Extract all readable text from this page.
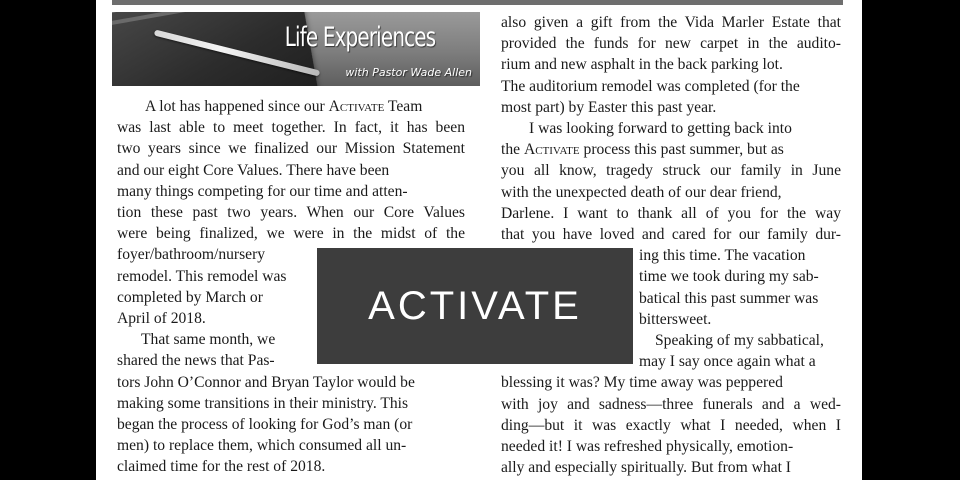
Life Experiences
with Pastor Wade Allen
A lot has happened since our Activate Team
was last able to meet together. In fact, it has been
two years since we finalized our Mission Statement
and our eight Core Values. There have been
many things competing for our time and atten-
tion these past two years. When our Core Values
were being finalized, we were in the midst of the
foyer/bathroom/nursery
remodel. This remodel was
completed by March or
April of 2018.
That same month, we
shared the news that Pas-
tors John O’Connor and Bryan Taylor would be
making some transitions in their ministry. This
began the process of looking for God’s man (or
men) to replace them, which consumed all un-
claimed time for the rest of 2018.
also given a gift from the Vida Marler Estate that
provided the funds for new carpet in the audito-
rium and new asphalt in the back parking lot.
The auditorium remodel was completed (for the
most part) by Easter this past year.
I was looking forward to getting back into
the Activate process this past summer, but as
you all know, tragedy struck our family in June
with the unexpected death of our dear friend,
Darlene. I want to thank all of you for the way
that you have loved and cared for our family dur-
ing this time. The vacation
time we took during my sab-
batical this past summer was
bittersweet.
Speaking of my sabbatical,
may I say once again what a
blessing it was? My time away was peppered
with joy and sadness—three funerals and a wed-
ding—but it was exactly what I needed, when I
needed it! I was refreshed physically, emotion-
ally and especially spiritually. But from what I
ACTIVATE
